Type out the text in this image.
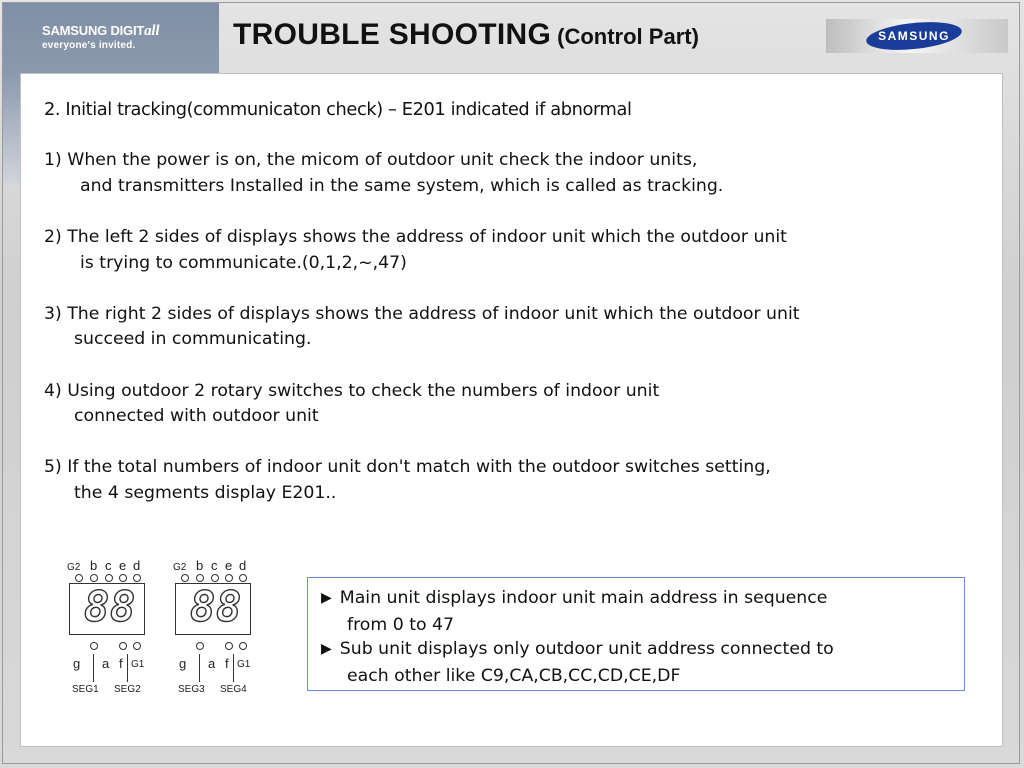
SAMSUNG DIGITall
everyone's invited.	TROUBLE SHOOTING (Control Part)	SAMSUNG

2. Initial tracking(communicaton check) – E201 indicated if abnormal

1) When the power is on, the micom of outdoor unit check the indoor units,

and transmitters Installed in the same system, which is called as tracking.

2) The left 2 sides of displays shows the address of indoor unit which the outdoor unit

is trying to communicate.(0,1,2,~,47)

3) The right 2 sides of displays shows the address of indoor unit which the outdoor unit

succeed in communicating.

4) Using outdoor 2 rotary switches to check the numbers of indoor unit

connected with outdoor unit

5) If the total numbers of indoor unit don't match with the outdoor switches setting,

the 4 segments display E201..

G2 b c e d
8 8
g a f G1
SEG1 SEG2
G2 b c e d
8 8
g a f G1
SEG3 SEG4
▶ Main unit displays indoor unit main address in sequence
from 0 to 47
▶ Sub unit displays only outdoor unit address connected to
each other like C9,CA,CB,CC,CD,CE,DF
